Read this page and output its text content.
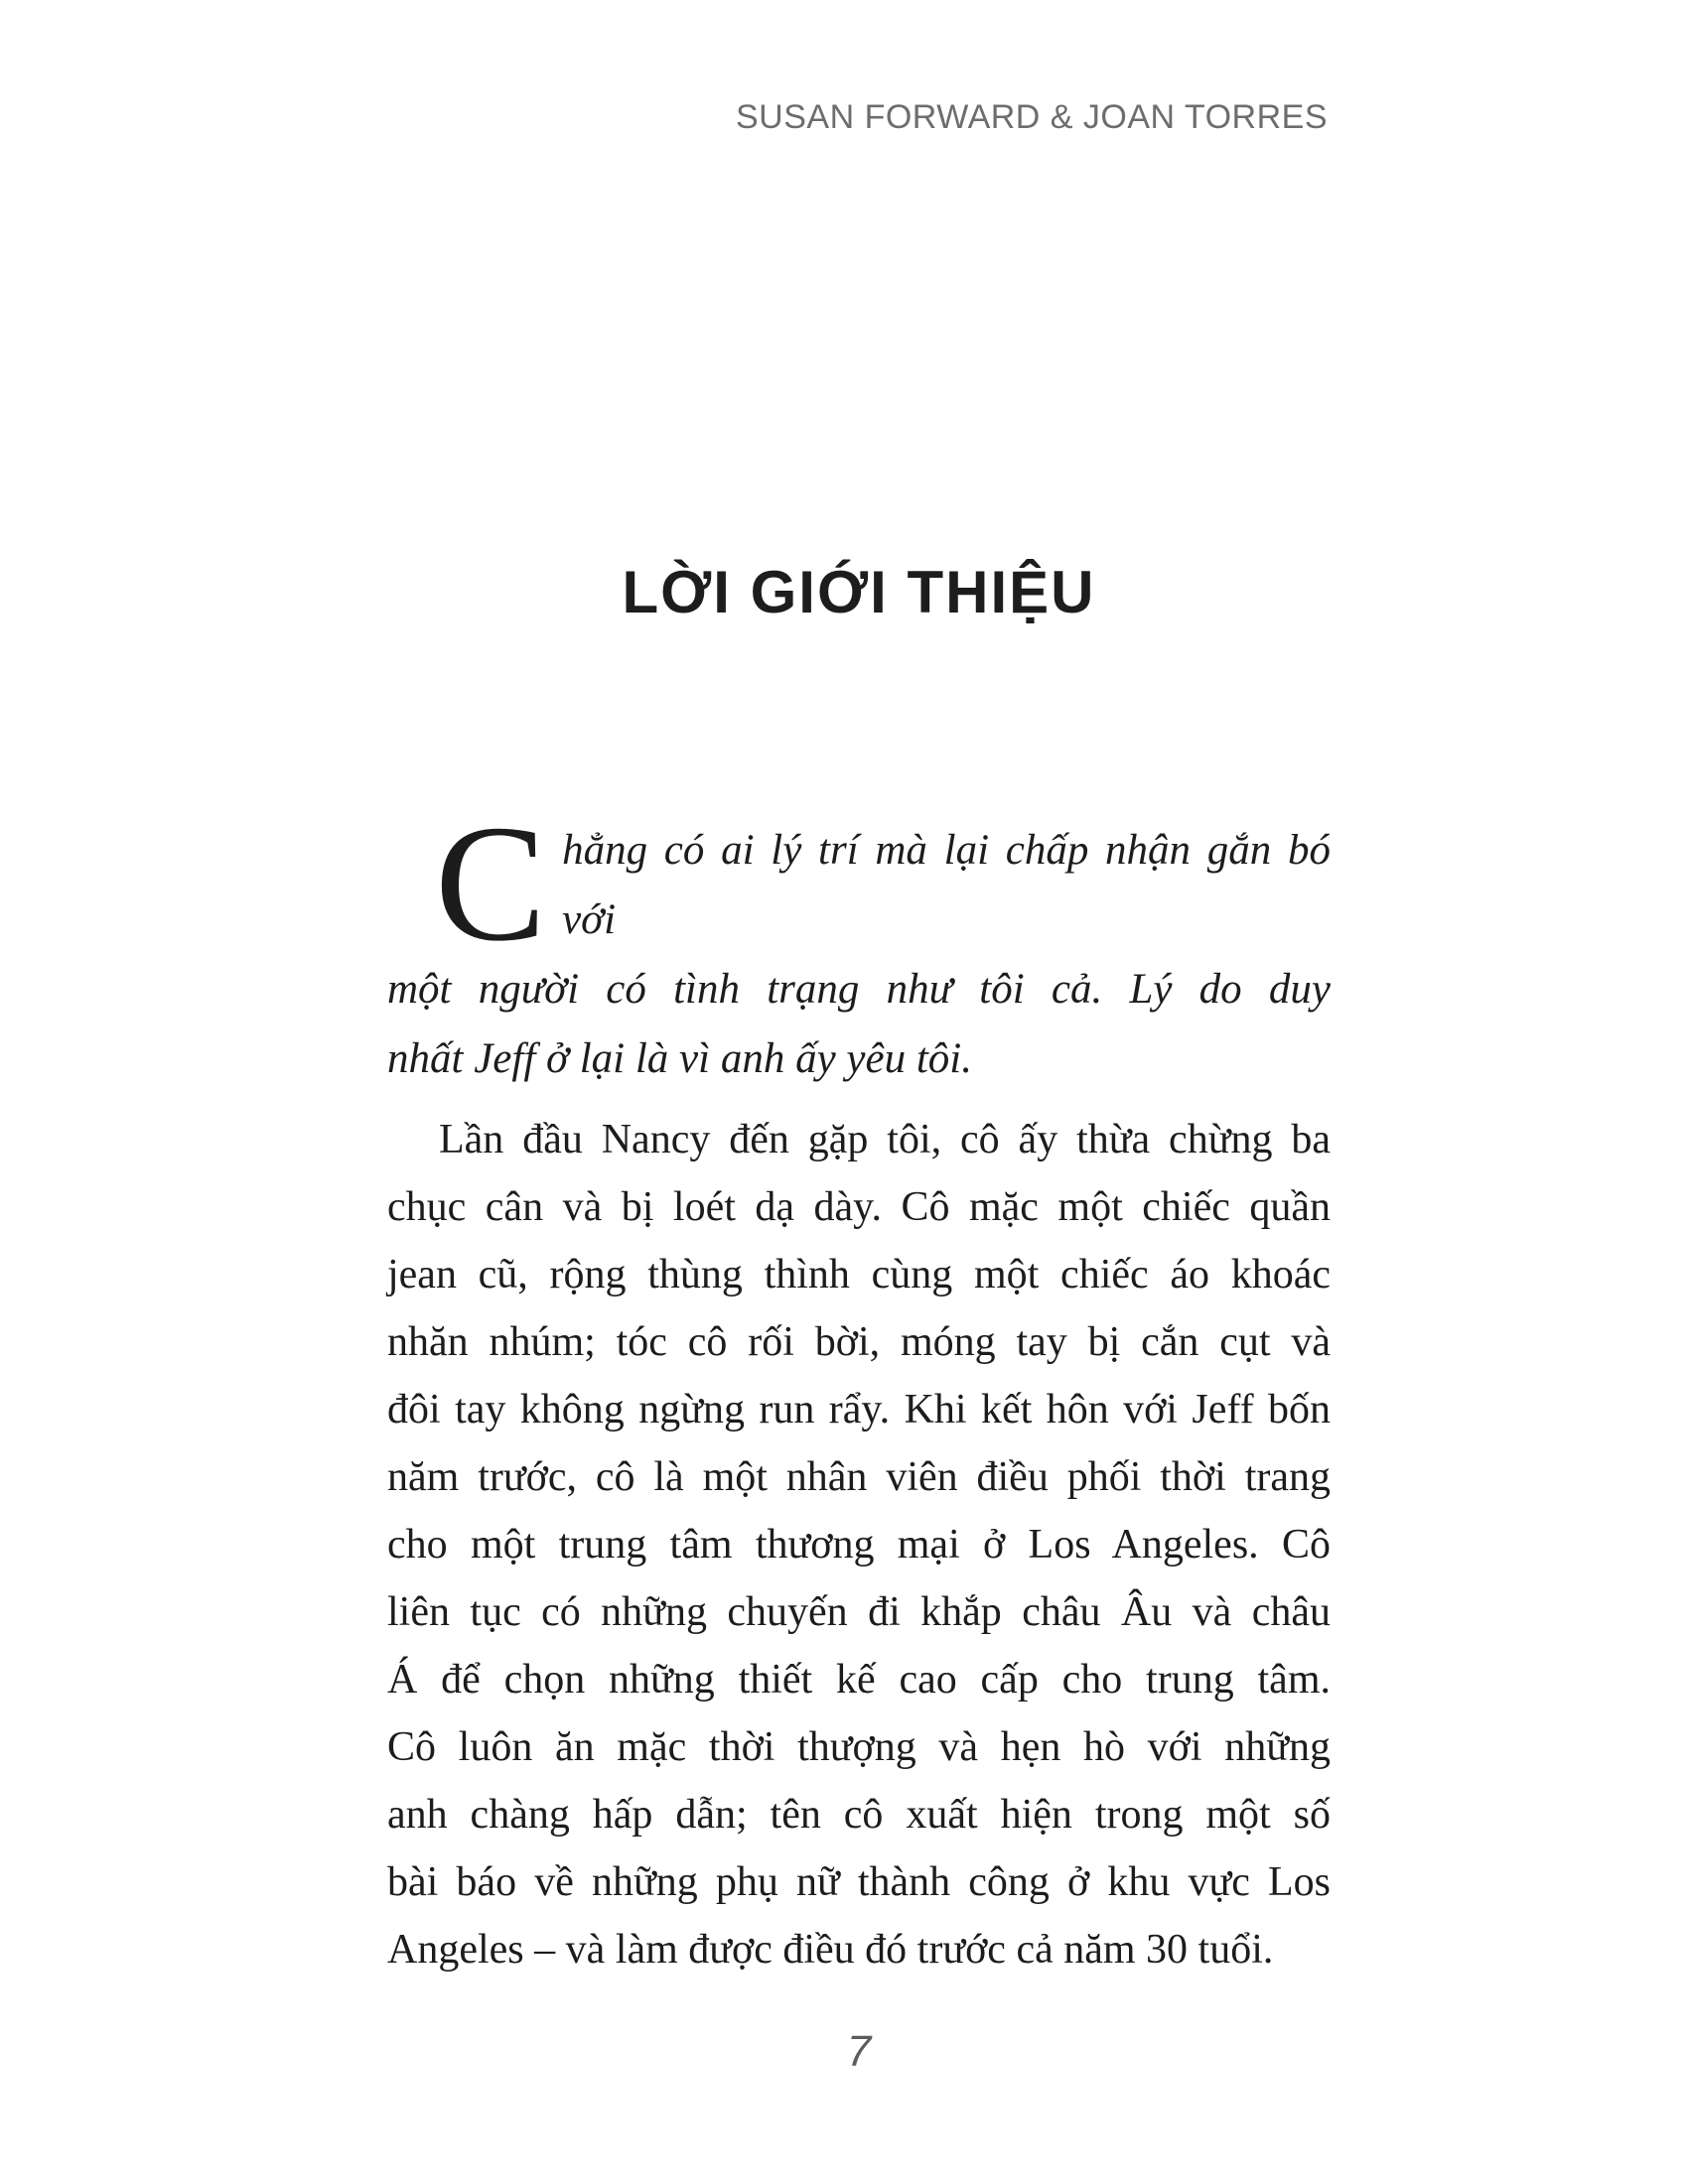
SUSAN FORWARD & JOAN TORRES
LỜI GIỚI THIỆU
C hẳng có ai lý trí mà lại chấp nhận gắn bó với
một người có tình trạng như tôi cả. Lý do duy
nhất Jeff ở lại là vì anh ấy yêu tôi.
Lần đầu Nancy đến gặp tôi, cô ấy thừa chừng ba
chục cân và bị loét dạ dày. Cô mặc một chiếc quần
jean cũ, rộng thùng thình cùng một chiếc áo khoác
nhăn nhúm; tóc cô rối bời, móng tay bị cắn cụt và
đôi tay không ngừng run rẩy. Khi kết hôn với Jeff bốn
năm trước, cô là một nhân viên điều phối thời trang
cho một trung tâm thương mại ở Los Angeles. Cô
liên tục có những chuyến đi khắp châu Âu và châu
Á để chọn những thiết kế cao cấp cho trung tâm.
Cô luôn ăn mặc thời thượng và hẹn hò với những
anh chàng hấp dẫn; tên cô xuất hiện trong một số
bài báo về những phụ nữ thành công ở khu vực Los
Angeles – và làm được điều đó trước cả năm 30 tuổi.
7
